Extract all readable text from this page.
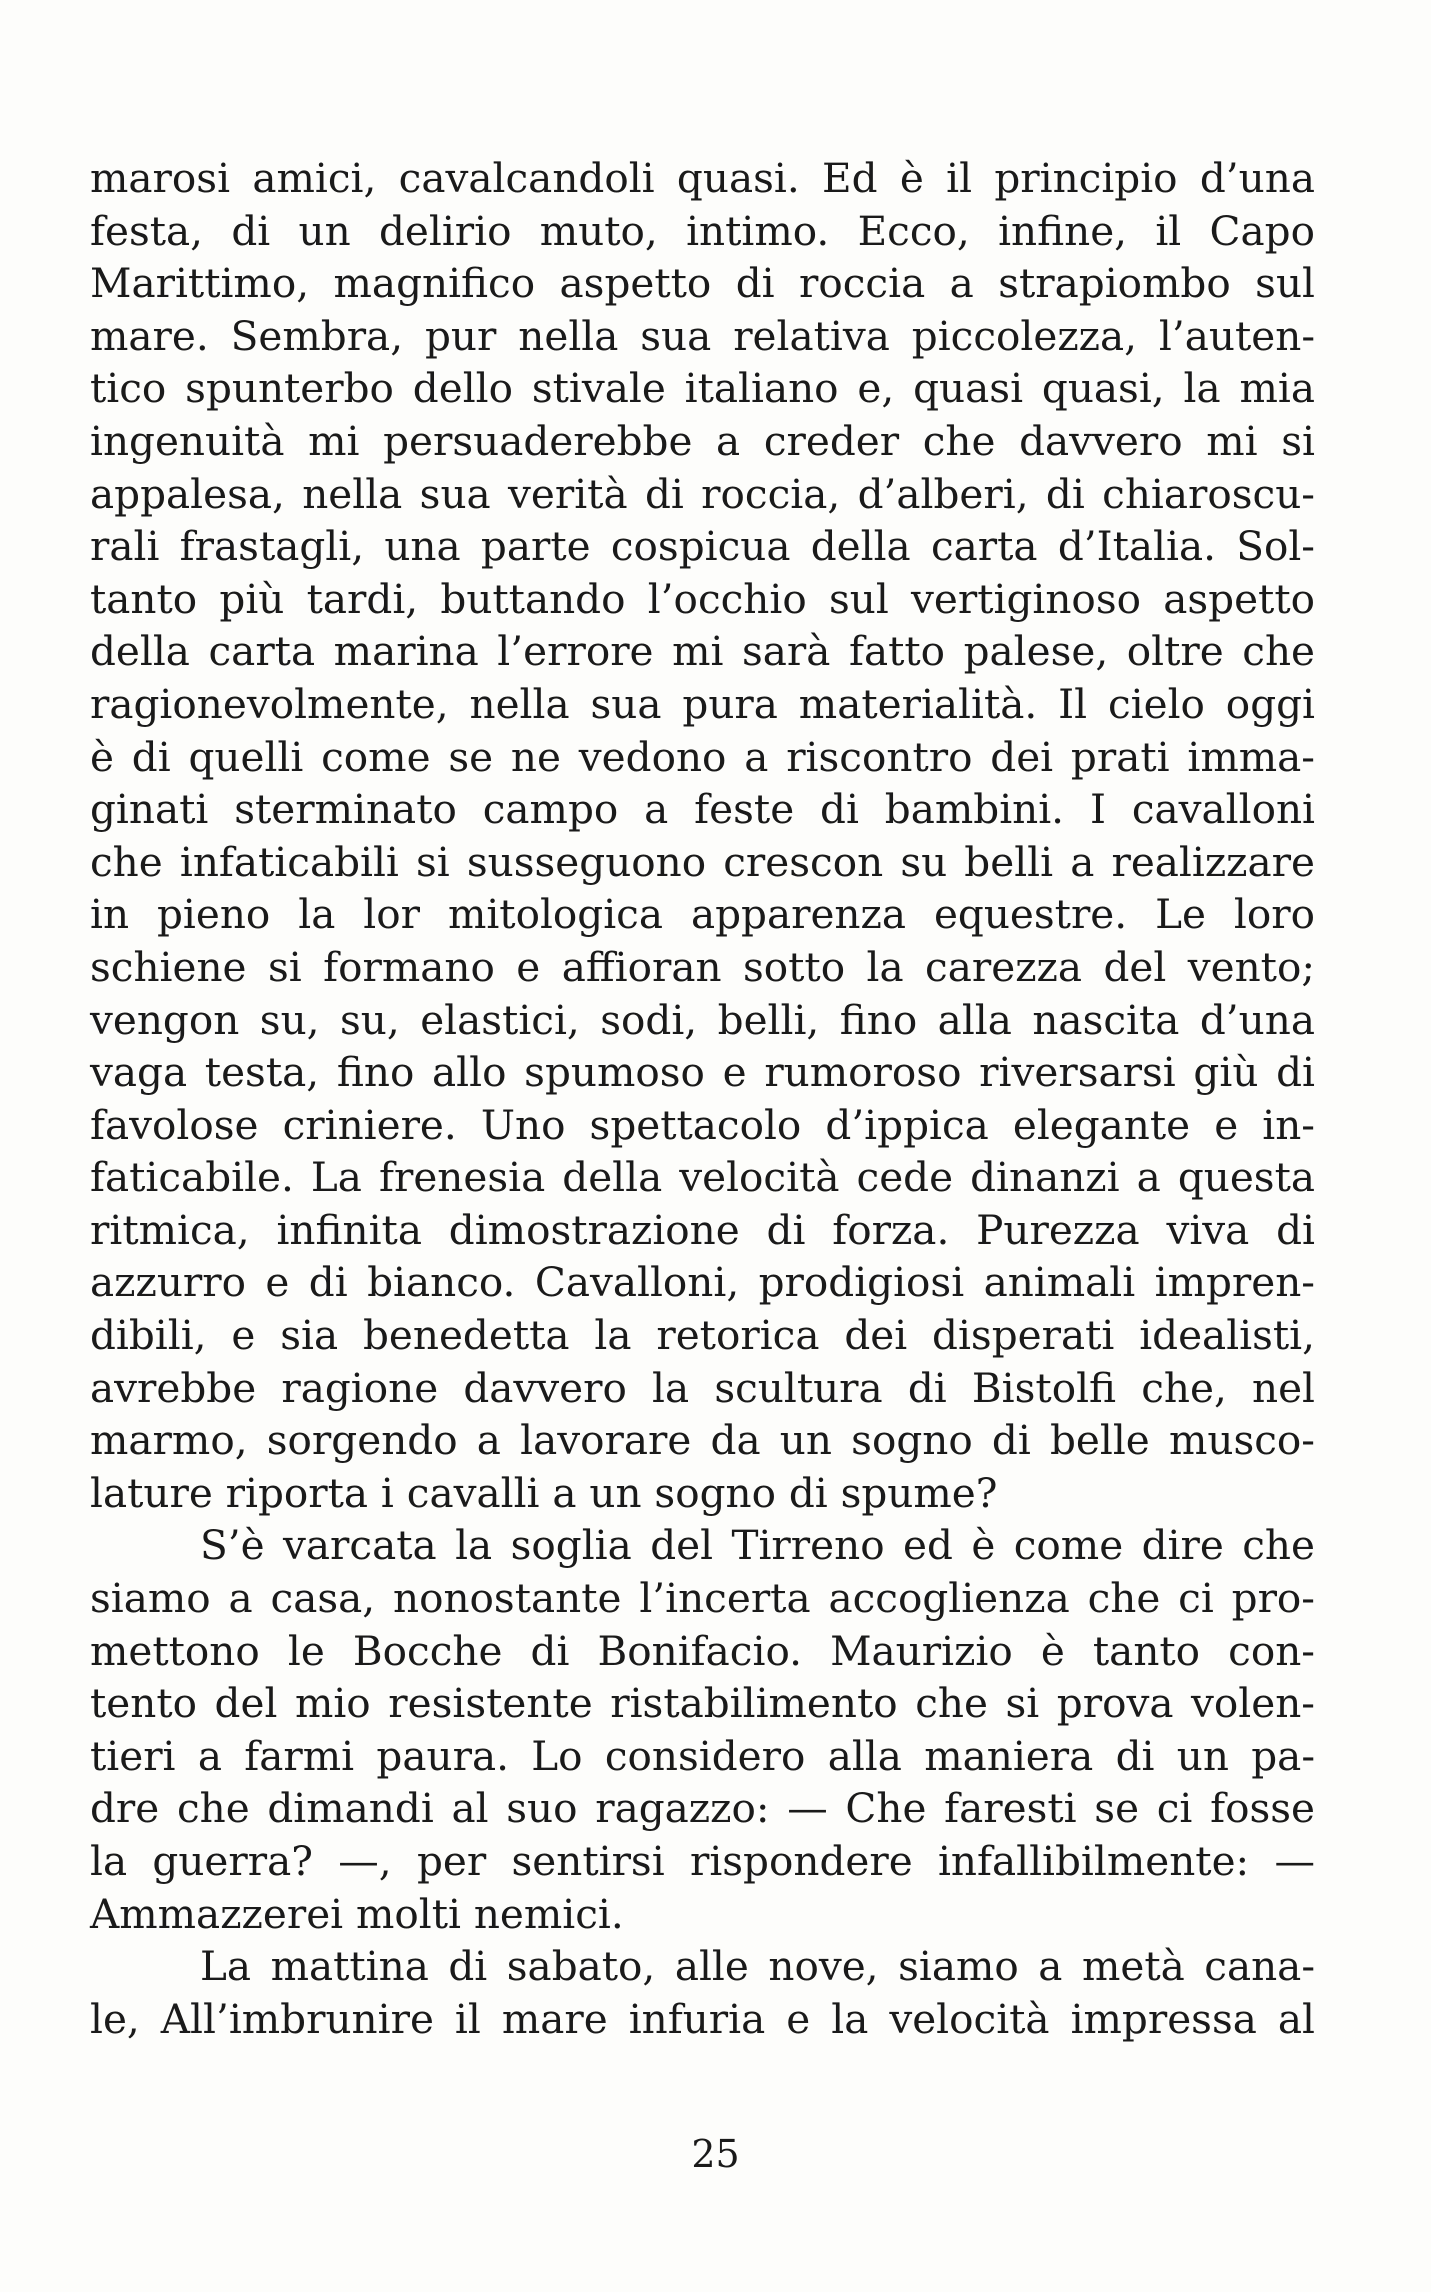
marosi amici, cavalcandoli quasi. Ed è il principio d’una
festa, di un delirio muto, intimo. Ecco, infine, il Capo
Marittimo, magnifico aspetto di roccia a strapiombo sul
mare. Sembra, pur nella sua relativa piccolezza, l’auten-
tico spunterbo dello stivale italiano e, quasi quasi, la mia
ingenuità mi persuaderebbe a creder che davvero mi si
appalesa, nella sua verità di roccia, d’alberi, di chiaroscu-
rali frastagli, una parte cospicua della carta d’Italia. Sol-
tanto più tardi, buttando l’occhio sul vertiginoso aspetto
della carta marina l’errore mi sarà fatto palese, oltre che
ragionevolmente, nella sua pura materialità. Il cielo oggi
è di quelli come se ne vedono a riscontro dei prati imma-
ginati sterminato campo a feste di bambini. I cavalloni
che infaticabili si susseguono crescon su belli a realizzare
in pieno la lor mitologica apparenza equestre. Le loro
schiene si formano e affioran sotto la carezza del vento;
vengon su, su, elastici, sodi, belli, fino alla nascita d’una
vaga testa, fino allo spumoso e rumoroso riversarsi giù di
favolose criniere. Uno spettacolo d’ippica elegante e in-
faticabile. La frenesia della velocità cede dinanzi a questa
ritmica, infinita dimostrazione di forza. Purezza viva di
azzurro e di bianco. Cavalloni, prodigiosi animali impren-
dibili, e sia benedetta la retorica dei disperati idealisti,
avrebbe ragione davvero la scultura di Bistolfi che, nel
marmo, sorgendo a lavorare da un sogno di belle musco-
lature riporta i cavalli a un sogno di spume?
S’è varcata la soglia del Tirreno ed è come dire che
siamo a casa, nonostante l’incerta accoglienza che ci pro-
mettono le Bocche di Bonifacio. Maurizio è tanto con-
tento del mio resistente ristabilimento che si prova volen-
tieri a farmi paura. Lo considero alla maniera di un pa-
dre che dimandi al suo ragazzo: — Che faresti se ci fosse
la guerra? —, per sentirsi rispondere infallibilmente: —
Ammazzerei molti nemici.
La mattina di sabato, alle nove, siamo a metà cana-
le, All’imbrunire il mare infuria e la velocità impressa al
25
